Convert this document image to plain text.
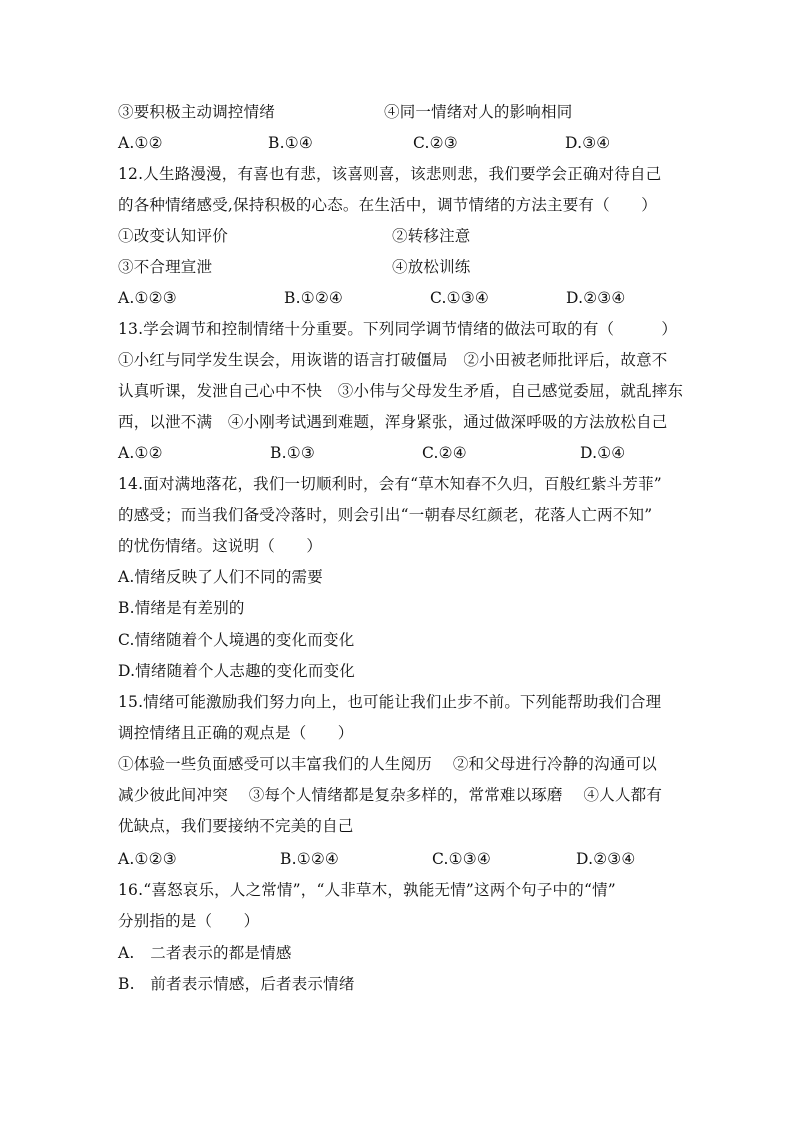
③要积极主动调控情绪	④同一情绪对人的影响相同
A.①②	B.①④	C.②③	D.③④
12.人生路漫漫，有喜也有悲，该喜则喜，该悲则悲，我们要学会正确对待自己
的各种情绪感受,保持积极的心态。在生活中，调节情绪的方法主要有（　　）
①改变认知评价	②转移注意
③不合理宣泄	④放松训练
A.①②③	B.①②④	C.①③④	D.②③④
13.学会调节和控制情绪十分重要。下列同学调节情绪的做法可取的有（　　　）
①小红与同学发生误会，用诙谐的语言打破僵局　②小田被老师批评后，故意不
认真听课，发泄自己心中不快　③小伟与父母发生矛盾，自己感觉委屈，就乱摔东
西，以泄不满　④小刚考试遇到难题，浑身紧张，通过做深呼吸的方法放松自己
A.①②	B.①③	C.②④	D.①④
14.面对满地落花，我们一切顺利时，会有“草木知春不久归，百般红紫斗芳菲”
的感受；而当我们备受冷落时，则会引出“一朝春尽红颜老，花落人亡两不知”
的忧伤情绪。这说明（　　）
A.情绪反映了人们不同的需要
B.情绪是有差别的
C.情绪随着个人境遇的变化而变化
D.情绪随着个人志趣的变化而变化
15.情绪可能激励我们努力向上，也可能让我们止步不前。下列能帮助我们合理
调控情绪且正确的观点是（　　）
①体验一些负面感受可以丰富我们的人生阅历　 ②和父母进行冷静的沟通可以
减少彼此间冲突　 ③每个人情绪都是复杂多样的，常常难以琢磨　 ④人人都有
优缺点，我们要接纳不完美的自己
A.①②③	B.①②④	C.①③④	D.②③④
16.“喜怒哀乐，人之常情”，“人非草木，孰能无情”这两个句子中的“情”
分别指的是（　　）
A.　二者表示的都是情感
B.　前者表示情感，后者表示情绪
